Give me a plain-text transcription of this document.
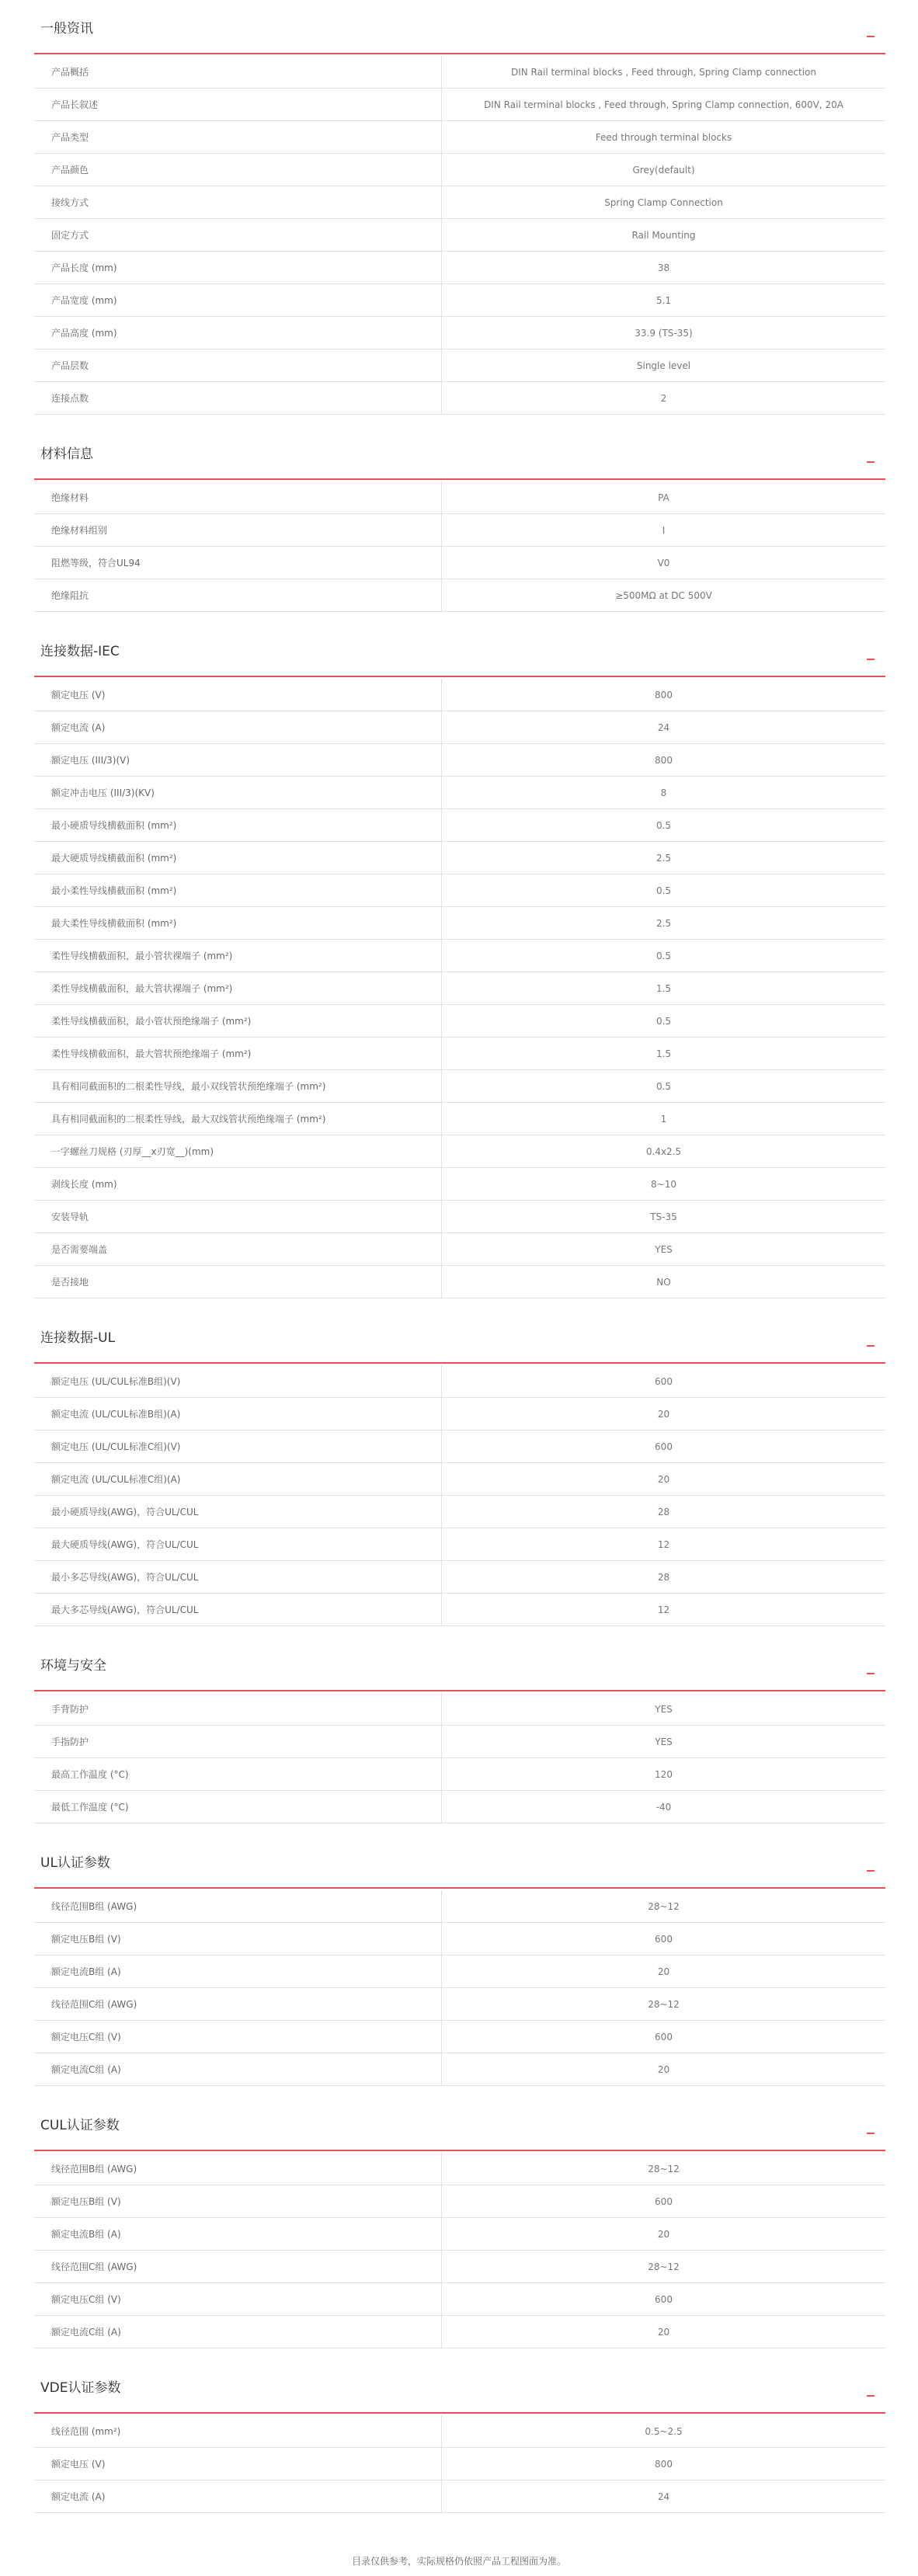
一般资讯
产品概括	DIN Rail terminal blocks , Feed through, Spring Clamp connection
产品长叙述	DIN Rail terminal blocks , Feed through, Spring Clamp connection, 600V, 20A
产品类型	Feed through terminal blocks
产品颜色	Grey(default)
接线方式	Spring Clamp Connection
固定方式	Rail Mounting
产品长度 (mm)	38
产品宽度 (mm)	5.1
产品高度 (mm)	33.9 (TS-35)
产品层数	Single level
连接点数	2
材料信息
绝缘材料	PA
绝缘材料组别	I
阻燃等级，符合UL94	V0
绝缘阻抗	≥500MΩ at DC 500V
连接数据-IEC
额定电压 (V)	800
额定电流 (A)	24
额定电压 (III/3)(V)	800
额定冲击电压 (III/3)(KV)	8
最小硬质导线横截面积 (mm²)	0.5
最大硬质导线横截面积 (mm²)	2.5
最小柔性导线横截面积 (mm²)	0.5
最大柔性导线横截面积 (mm²)	2.5
柔性导线横截面积，最小管状裸端子 (mm²)	0.5
柔性导线横截面积，最大管状裸端子 (mm²)	1.5
柔性导线横截面积，最小管状预绝缘端子 (mm²)	0.5
柔性导线横截面积，最大管状预绝缘端子 (mm²)	1.5
具有相同截面积的二根柔性导线，最小双线管状预绝缘端子 (mm²)	0.5
具有相同截面积的二根柔性导线，最大双线管状预绝缘端子 (mm²)	1
一字螺丝刀规格 (刃厚__x刃宽__)(mm)	0.4x2.5
剥线长度 (mm)	8~10
安装导轨	TS-35
是否需要端盖	YES
是否接地	NO
连接数据-UL
额定电压 (UL/CUL标准B组)(V)	600
额定电流 (UL/CUL标准B组)(A)	20
额定电压 (UL/CUL标准C组)(V)	600
额定电流 (UL/CUL标准C组)(A)	20
最小硬质导线(AWG)，符合UL/CUL	28
最大硬质导线(AWG)，符合UL/CUL	12
最小多芯导线(AWG)，符合UL/CUL	28
最大多芯导线(AWG)，符合UL/CUL	12
环境与安全
手背防护	YES
手指防护	YES
最高工作温度 (°C)	120
最低工作温度 (°C)	-40
UL认证参数
线径范围B组 (AWG)	28~12
额定电压B组 (V)	600
额定电流B组 (A)	20
线径范围C组 (AWG)	28~12
额定电压C组 (V)	600
额定电流C组 (A)	20
CUL认证参数
线径范围B组 (AWG)	28~12
额定电压B组 (V)	600
额定电流B组 (A)	20
线径范围C组 (AWG)	28~12
额定电压C组 (V)	600
额定电流C组 (A)	20
VDE认证参数
线径范围 (mm²)	0.5~2.5
额定电压 (V)	800
额定电流 (A)	24
目录仅供参考，实际规格仍依照产品工程图面为准。
